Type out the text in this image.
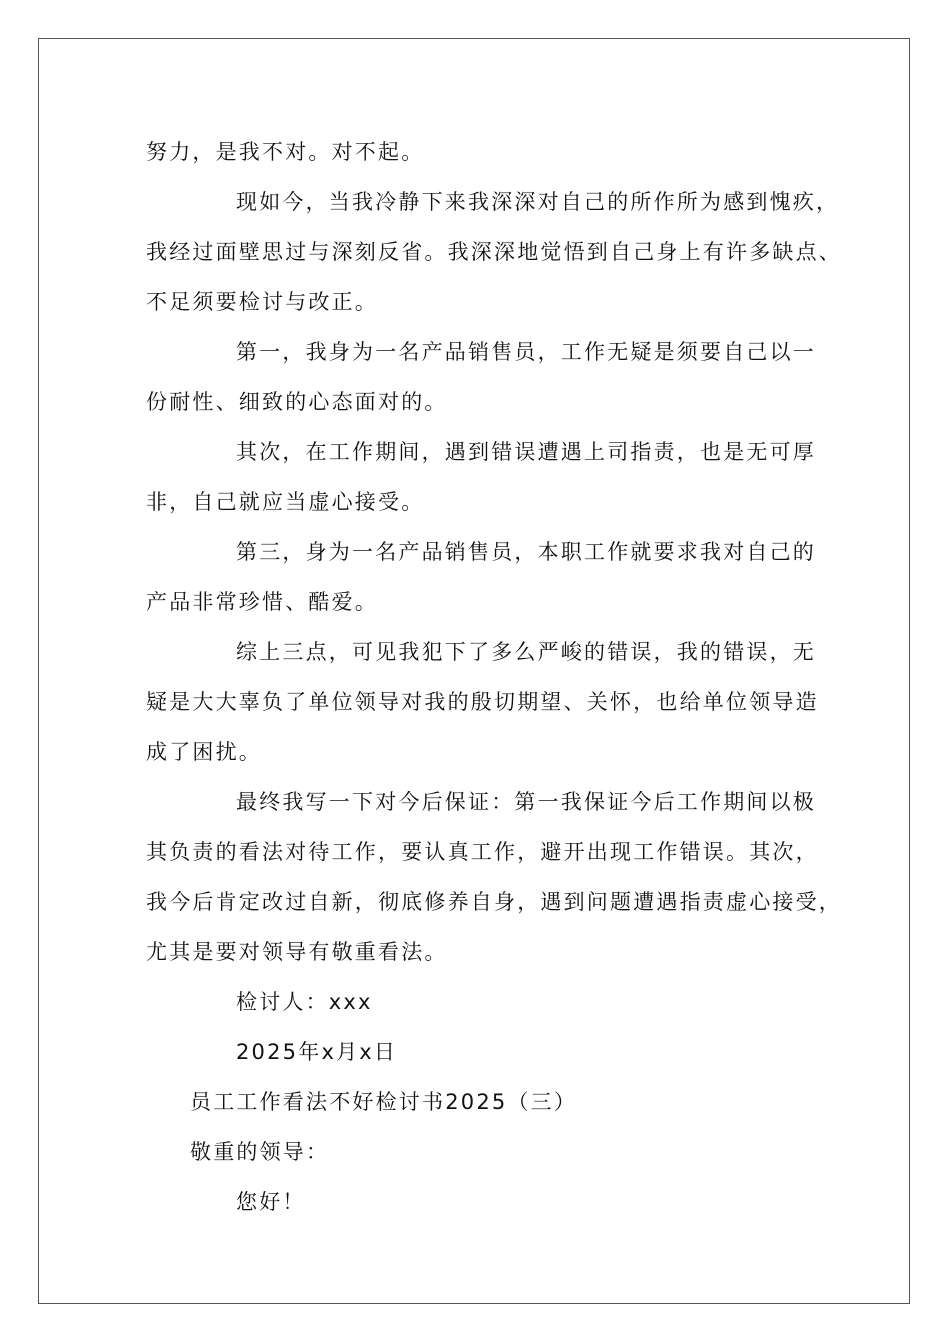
努力，是我不对。对不起。
现如今，当我冷静下来我深深对自己的所作所为感到愧疚，
我经过面壁思过与深刻反省。我深深地觉悟到自己身上有许多缺点、
不足须要检讨与改正。
第一，我身为一名产品销售员，工作无疑是须要自己以一
份耐性、细致的心态面对的。
其次，在工作期间，遇到错误遭遇上司指责，也是无可厚
非，自己就应当虚心接受。
第三，身为一名产品销售员，本职工作就要求我对自己的
产品非常珍惜、酷爱。
综上三点，可见我犯下了多么严峻的错误，我的错误，无
疑是大大辜负了单位领导对我的殷切期望、关怀，也给单位领导造
成了困扰。
最终我写一下对今后保证：第一我保证今后工作期间以极
其负责的看法对待工作，要认真工作，避开出现工作错误。其次，
我今后肯定改过自新，彻底修养自身，遇到问题遭遇指责虚心接受，
尤其是要对领导有敬重看法。
检讨人：xxx
2025年x月x日
员工工作看法不好检讨书2025（三）
敬重的领导：
您好！
